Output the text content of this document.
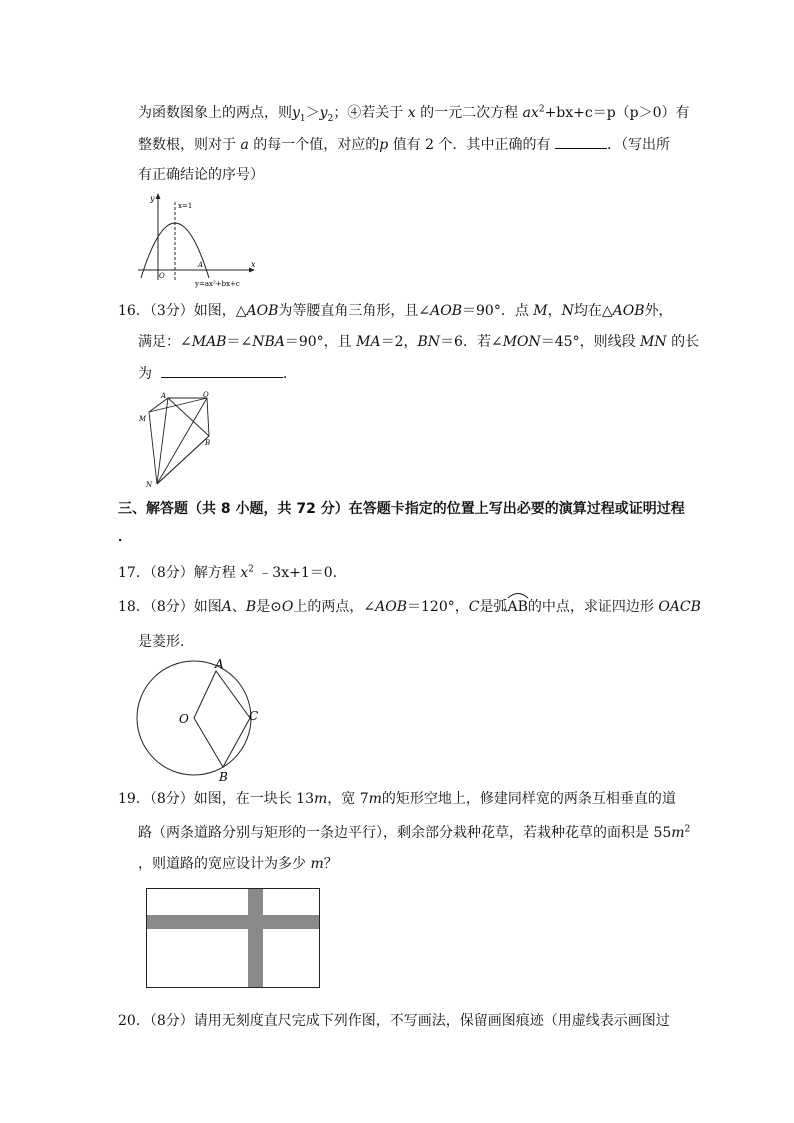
为函数图象上的两点，则$y_1>y_2$；④若关于 x 的一元二次方程 $ax^2+bx+c=p(p>0)$有
整数根，则对于 a 的每一个值，对应的p 值有 2 个．其中正确的有	．（写出所
有正确结论的序号）
y
x
x=1
O
A
y=ax²+bx+c
16．（3分）如图，△AOB为等腰直角三角形，且∠AOB＝90°．点 M，N均在△AOB外，
满足：∠MAB＝∠NBA＝90°，且 MA＝2，BN＝6．若∠MON＝45°，则线段 MN 的长
为	．
A	O
M
B
N
三、解答题（共 8 小题，共 72 分）在答题卡指定的位置上写出必要的演算过程或证明过程
．
17．（8分）解方程 $x^2$ ﹣3x+1＝0．
18．（8分）如图A、B是⊙O上的两点，∠AOB＝120°，C是弧
AB的中点，求证四边形 OACB
是菱形．
A
O	C
B
19．（8分）如图，在一块长 13m，宽 7m的矩形空地上，修建同样宽的两条互相垂直的道
路（两条道路分别与矩形的一条边平行），剩余部分栽种花草，若栽种花草的面积是 $55m^2$
，则道路的宽应设计为多少 m？
20．（8分）请用无刻度直尺完成下列作图，不写画法，保留画图痕迹（用虚线表示画图过
